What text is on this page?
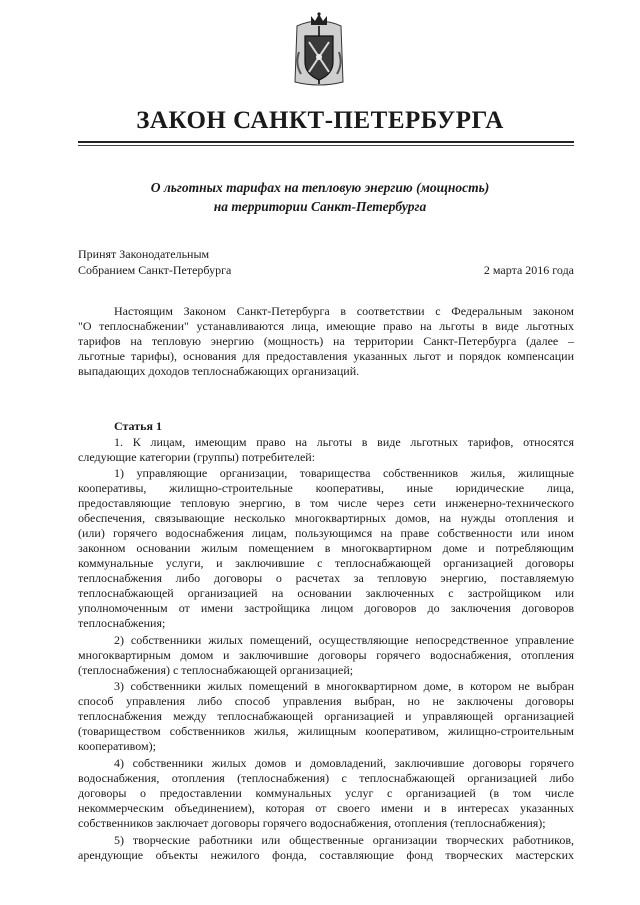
ЗАКОН САНКТ-ПЕТЕРБУРГА
О льготных тарифах на тепловую энергию (мощность)
на территории Санкт-Петербурга
Принят Законодательным
Собранием Санкт-Петербурга	2 марта 2016 года
Настоящим Законом Санкт-Петербурга в соответствии с Федеральным законом
"О теплоснабжении" устанавливаются лица, имеющие право на льготы в виде льготных
тарифов на тепловую энергию (мощность) на территории Санкт-Петербурга (далее –
льготные тарифы), основания для предоставления указанных льгот и порядок компенсации
выпадающих доходов теплоснабжающих организаций.
Статья 1
1. К лицам, имеющим право на льготы в виде льготных тарифов, относятся
следующие категории (группы) потребителей:
1) управляющие организации, товарищества собственников жилья, жилищные
кооперативы, жилищно-строительные кооперативы, иные юридические лица,
предоставляющие тепловую энергию, в том числе через сети инженерно-технического
обеспечения, связывающие несколько многоквартирных домов, на нужды отопления и
(или) горячего водоснабжения лицам, пользующимся на праве собственности или ином
законном основании жилым помещением в многоквартирном доме и потребляющим
коммунальные услуги, и заключившие с теплоснабжающей организацией договоры
теплоснабжения либо договоры о расчетах за тепловую энергию, поставляемую
теплоснабжающей организацией на основании заключенных с застройщиком или
уполномоченным от имени застройщика лицом договоров до заключения договоров
теплоснабжения;
2) собственники жилых помещений, осуществляющие непосредственное управление
многоквартирным домом и заключившие договоры горячего водоснабжения, отопления
(теплоснабжения) с теплоснабжающей организацией;
3) собственники жилых помещений в многоквартирном доме, в котором не выбран
способ управления либо способ управления выбран, но не заключены договоры
теплоснабжения между теплоснабжающей организацией и управляющей организацией
(товариществом собственников жилья, жилищным кооперативом, жилищно-строительным
кооперативом);
4) собственники жилых домов и домовладений, заключившие договоры горячего
водоснабжения, отопления (теплоснабжения) с теплоснабжающей организацией либо
договоры о предоставлении коммунальных услуг с организацией (в том числе
некоммерческим объединением), которая от своего имени и в интересах указанных
собственников заключает договоры горячего водоснабжения, отопления (теплоснабжения);
5) творческие работники или общественные организации творческих работников,
арендующие объекты нежилого фонда, составляющие фонд творческих мастерских
